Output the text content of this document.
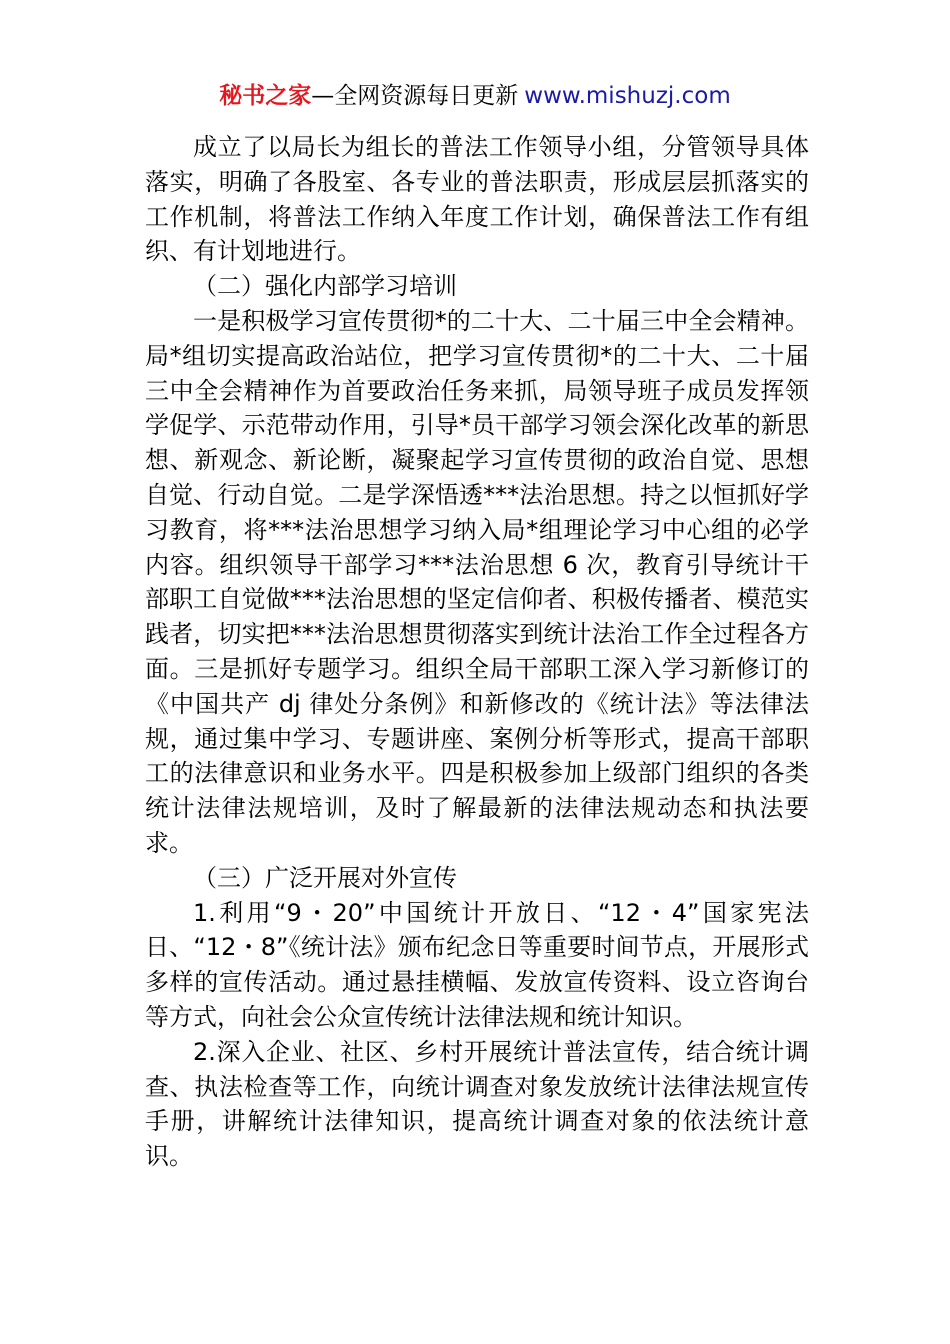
秘书之家—全网资源每日更新 www.mishuzj.com

成立了以局长为组长的普法工作领导小组，分管领导具体落实，明确了各股室、各专业的普法职责，形成层层抓落实的工作机制，将普法工作纳入年度工作计划，确保普法工作有组织、有计划地进行。

（二）强化内部学习培训

一是积极学习宣传贯彻*的二十大、二十届三中全会精神。局*组切实提高政治站位，把学习宣传贯彻*的二十大、二十届三中全会精神作为首要政治任务来抓，局领导班子成员发挥领学促学、示范带动作用，引导*员干部学习领会深化改革的新思想、新观念、新论断，凝聚起学习宣传贯彻的政治自觉、思想自觉、行动自觉。二是学深悟透***法治思想。持之以恒抓好学习教育，将***法治思想学习纳入局*组理论学习中心组的必学内容。组织领导干部学习***法治思想 6 次，教育引导统计干部职工自觉做***法治思想的坚定信仰者、积极传播者、模范实践者，切实把***法治思想贯彻落实到统计法治工作全过程各方面。三是抓好专题学习。组织全局干部职工深入学习新修订的《中国共产 dj 律处分条例》和新修改的《统计法》等法律法规，通过集中学习、专题讲座、案例分析等形式，提高干部职工的法律意识和业务水平。四是积极参加上级部门组织的各类统计法律法规培训，及时了解最新的法律法规动态和执法要求。

（三）广泛开展对外宣传

1.利用“9・20”中国统计开放日、“12・4”国家宪法日、“12・8”《统计法》颁布纪念日等重要时间节点，开展形式多样的宣传活动。通过悬挂横幅、发放宣传资料、设立咨询台等方式，向社会公众宣传统计法律法规和统计知识。

2.深入企业、社区、乡村开展统计普法宣传，结合统计调查、执法检查等工作，向统计调查对象发放统计法律法规宣传手册，讲解统计法律知识，提高统计调查对象的依法统计意识。
